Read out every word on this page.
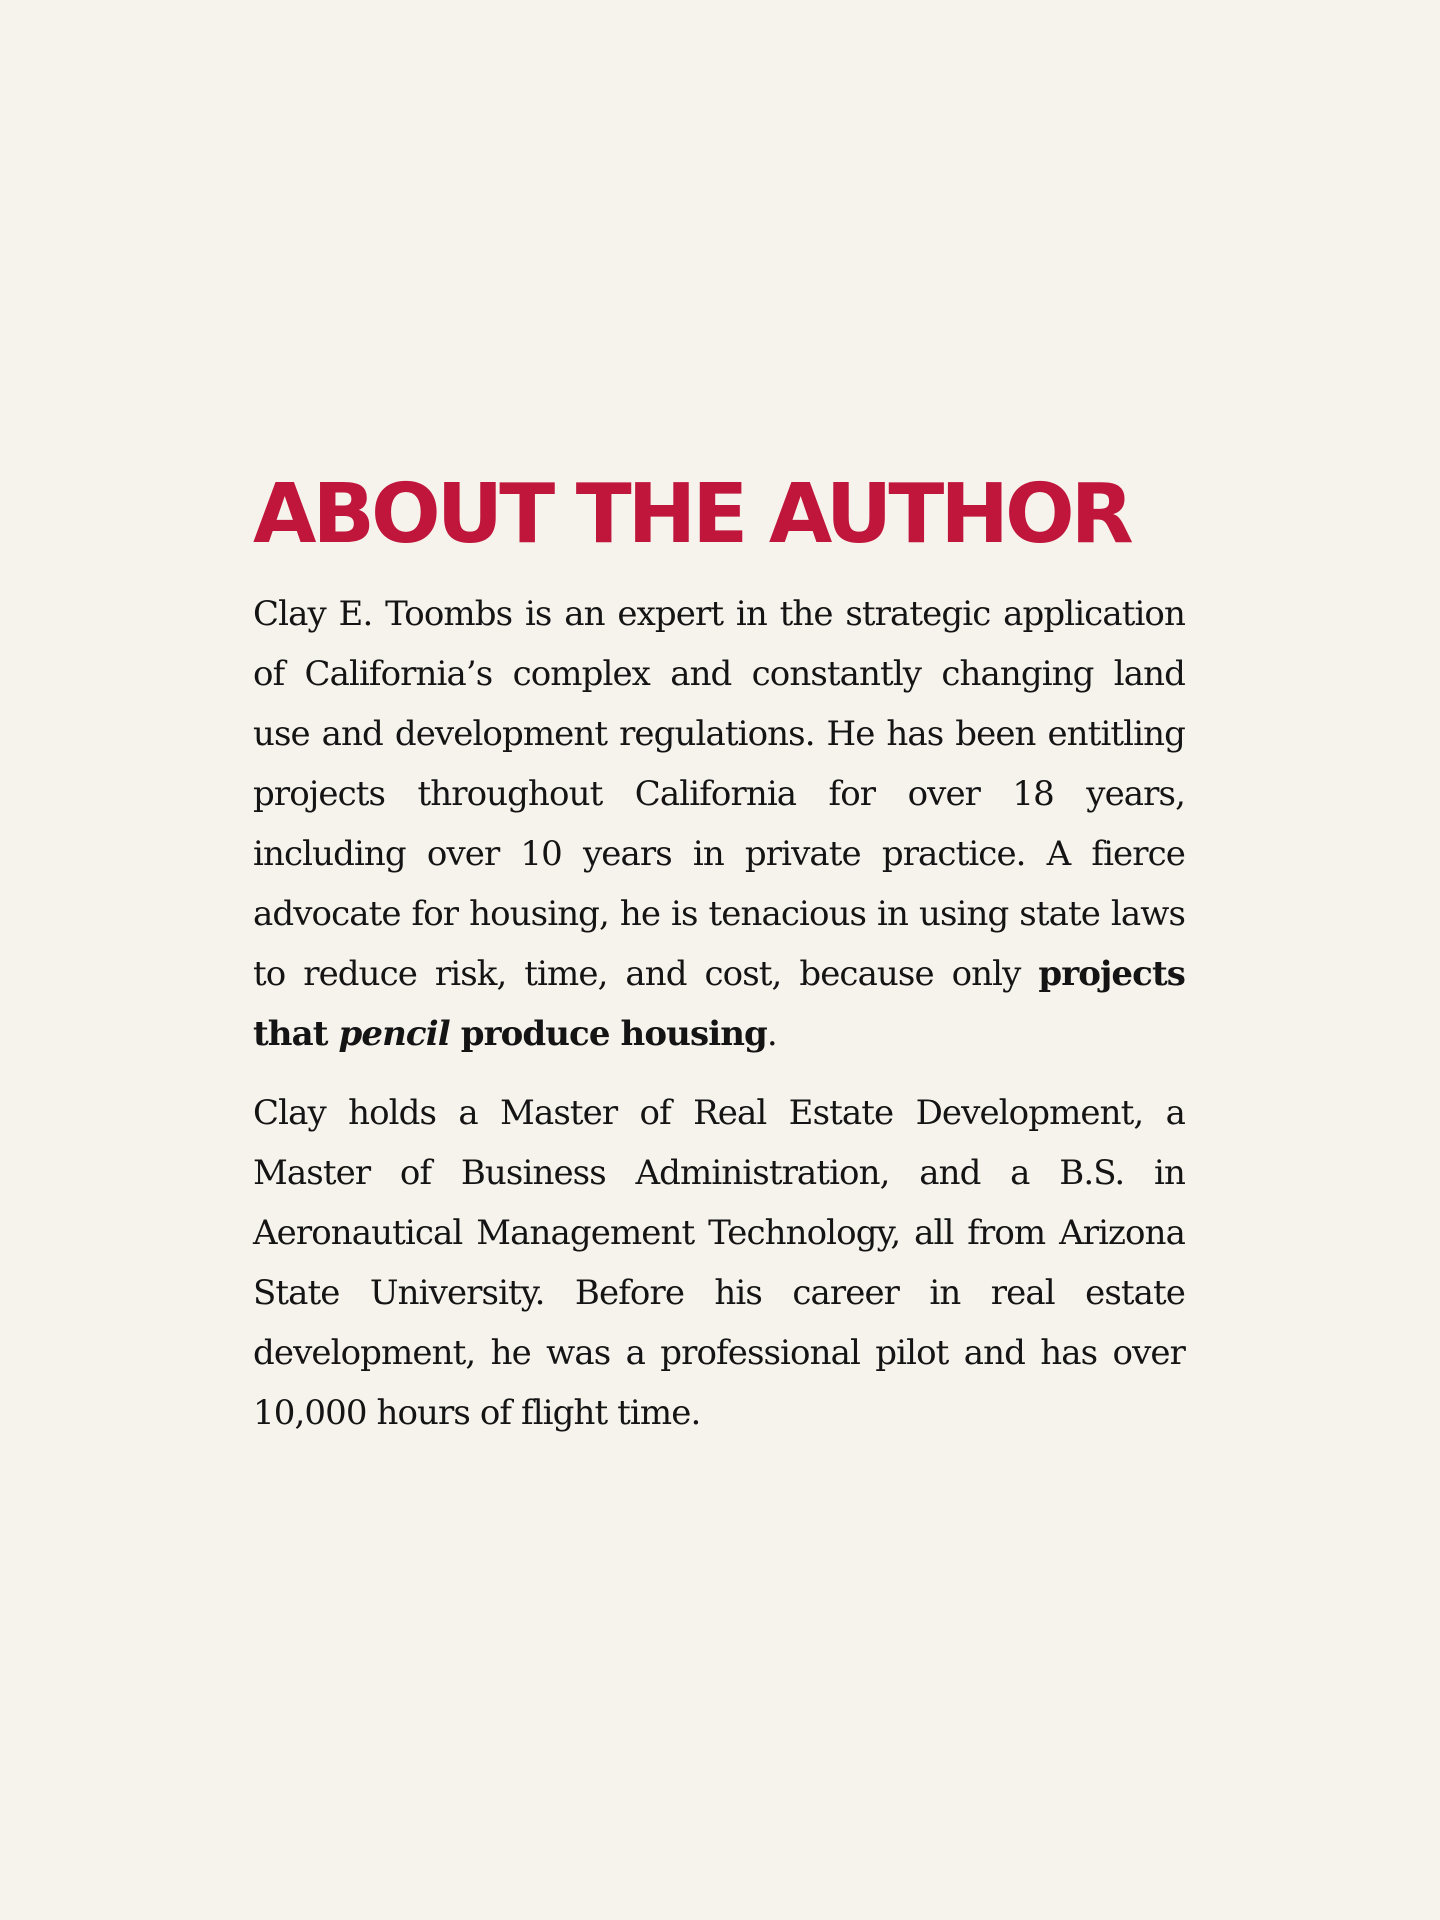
ABOUT THE AUTHOR

Clay E. Toombs is an expert in the strategic application of California’s complex and constantly changing land use and development regulations. He has been entitling projects throughout California for over 18 years, including over 10 years in private practice. A fierce advocate for housing, he is tenacious in using state laws to reduce risk, time, and cost, because only projects that pencil produce housing.

Clay holds a Master of Real Estate Development, a Master of Business Administration, and a B.S. in Aeronautical Management Technology, all from Arizona State University. Before his career in real estate development, he was a professional pilot and has over 10,000 hours of flight time.
